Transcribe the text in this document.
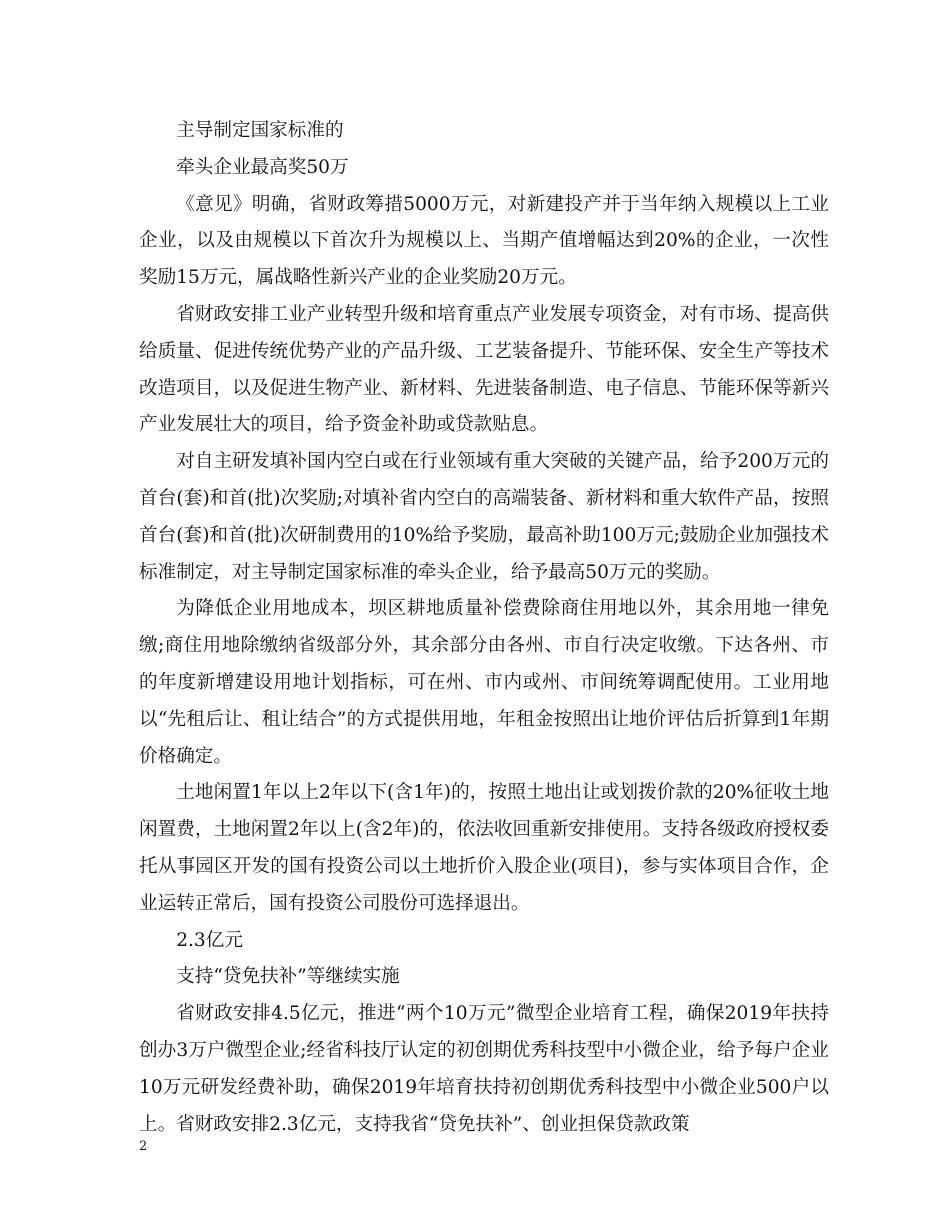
主导制定国家标准的

牵头企业最高奖50万

《意见》明确，省财政筹措5000万元，对新建投产并于当年纳入规模以上工业企业，以及由规模以下首次升为规模以上、当期产值增幅达到20%的企业，一次性奖励15万元，属战略性新兴产业的企业奖励20万元。

省财政安排工业产业转型升级和培育重点产业发展专项资金，对有市场、提高供给质量、促进传统优势产业的产品升级、工艺装备提升、节能环保、安全生产等技术改造项目，以及促进生物产业、新材料、先进装备制造、电子信息、节能环保等新兴产业发展壮大的项目，给予资金补助或贷款贴息。

对自主研发填补国内空白或在行业领域有重大突破的关键产品，给予200万元的首台(套)和首(批)次奖励;对填补省内空白的高端装备、新材料和重大软件产品，按照首台(套)和首(批)次研制费用的10%给予奖励，最高补助100万元;鼓励企业加强技术标准制定，对主导制定国家标准的牵头企业，给予最高50万元的奖励。

为降低企业用地成本，坝区耕地质量补偿费除商住用地以外，其余用地一律免缴;商住用地除缴纳省级部分外，其余部分由各州、市自行决定收缴。下达各州、市的年度新增建设用地计划指标，可在州、市内或州、市间统筹调配使用。工业用地以“先租后让、租让结合”的方式提供用地，年租金按照出让地价评估后折算到1年期价格确定。

土地闲置1年以上2年以下(含1年)的，按照土地出让或划拨价款的20%征收土地闲置费，土地闲置2年以上(含2年)的，依法收回重新安排使用。支持各级政府授权委托从事园区开发的国有投资公司以土地折价入股企业(项目)，参与实体项目合作，企业运转正常后，国有投资公司股份可选择退出。

2.3亿元

支持“贷免扶补”等继续实施

省财政安排4.5亿元，推进“两个10万元”微型企业培育工程，确保2019年扶持创办3万户微型企业;经省科技厅认定的初创期优秀科技型中小微企业，给予每户企业10万元研发经费补助，确保2019年培育扶持初创期优秀科技型中小微企业500户以上。省财政安排2.3亿元，支持我省“贷免扶补”、创业担保贷款政策

2
